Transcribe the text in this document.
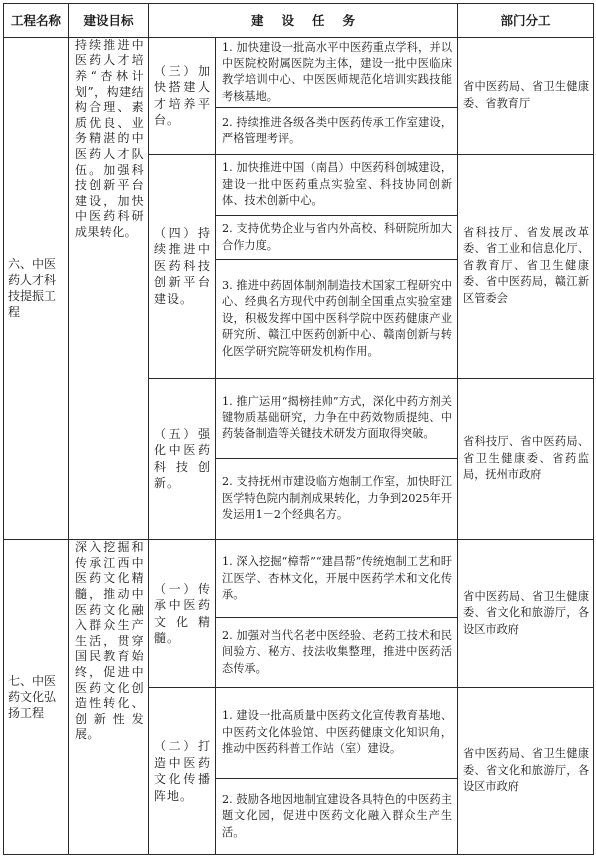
工程名称	建设目标	建设任务		部门分工
六、中医药人才科技提振工程	持续推进中医药人才培养“杏林计划”，构建结构合理、素质优良、业务精湛的中医药人才队伍。加强科技创新平台建设，加快中医药科研成果转化。	（三）加快搭建人才培养平台。	1. 加快建设一批高水平中医药重点学科，并以中医院校附属医院为主体，建设一批中医临床教学培训中心、中医医师规范化培训实践技能考核基地。	省中医药局、省卫生健康委、省教育厅
			2. 持续推进各级各类中医药传承工作室建设，严格管理考评。	
		（四）持续推进中医药科技创新平台建设。	1. 加快推进中国（南昌）中医药科创城建设，建设一批中医药重点实验室、科技协同创新体、技术创新中心。	省科技厅、省发展改革委、省工业和信息化厅、省教育厅、省卫生健康委、省中医药局，赣江新区管委会
			2. 支持优势企业与省内外高校、科研院所加大合作力度。	
			3. 推进中药固体制剂制造技术国家工程研究中心、经典名方现代中药创制全国重点实验室建设，积极发挥中国中医科学院中医药健康产业研究所、赣江中医药创新中心、赣南创新与转化医学研究院等研发机构作用。	
		（五）强化中医药科技创新。	1. 推广运用“揭榜挂帅”方式，深化中药方剂关键物质基础研究，力争在中药效物质提纯、中药装备制造等关键技术研发方面取得突破。	省科技厅、省中医药局、省卫生健康委、省药监局，抚州市政府
			2. 支持抚州市建设临方炮制工作室，加快盱江医学特色院内制剂成果转化，力争到2025年开发运用1－2个经典名方。	
七、中医药文化弘扬工程	深入挖掘和传承江西中医药文化精髓，推动中医药文化融入群众生产生活，贯穿国民教育始终，促进中医药文化创造性转化、创新性发展。	（一）传承中医药文化精髓。	1. 深入挖掘“樟帮”“建昌帮”传统炮制工艺和盱江医学、杏林文化，开展中医药学术和文化传承。	省中医药局、省卫生健康委、省文化和旅游厅，各设区市政府
			2. 加强对当代名老中医经验、老药工技术和民间验方、秘方、技法收集整理，推进中医药活态传承。	
		（二）打造中医药文化传播阵地。	1. 建设一批高质量中医药文化宣传教育基地、中医药文化体验馆、中医药健康文化知识角，推动中医药科普工作站（室）建设。	省中医药局、省卫生健康委、省文化和旅游厅，各设区市政府
			2. 鼓励各地因地制宜建设各具特色的中医药主题文化园，促进中医药文化融入群众生产生活。	
